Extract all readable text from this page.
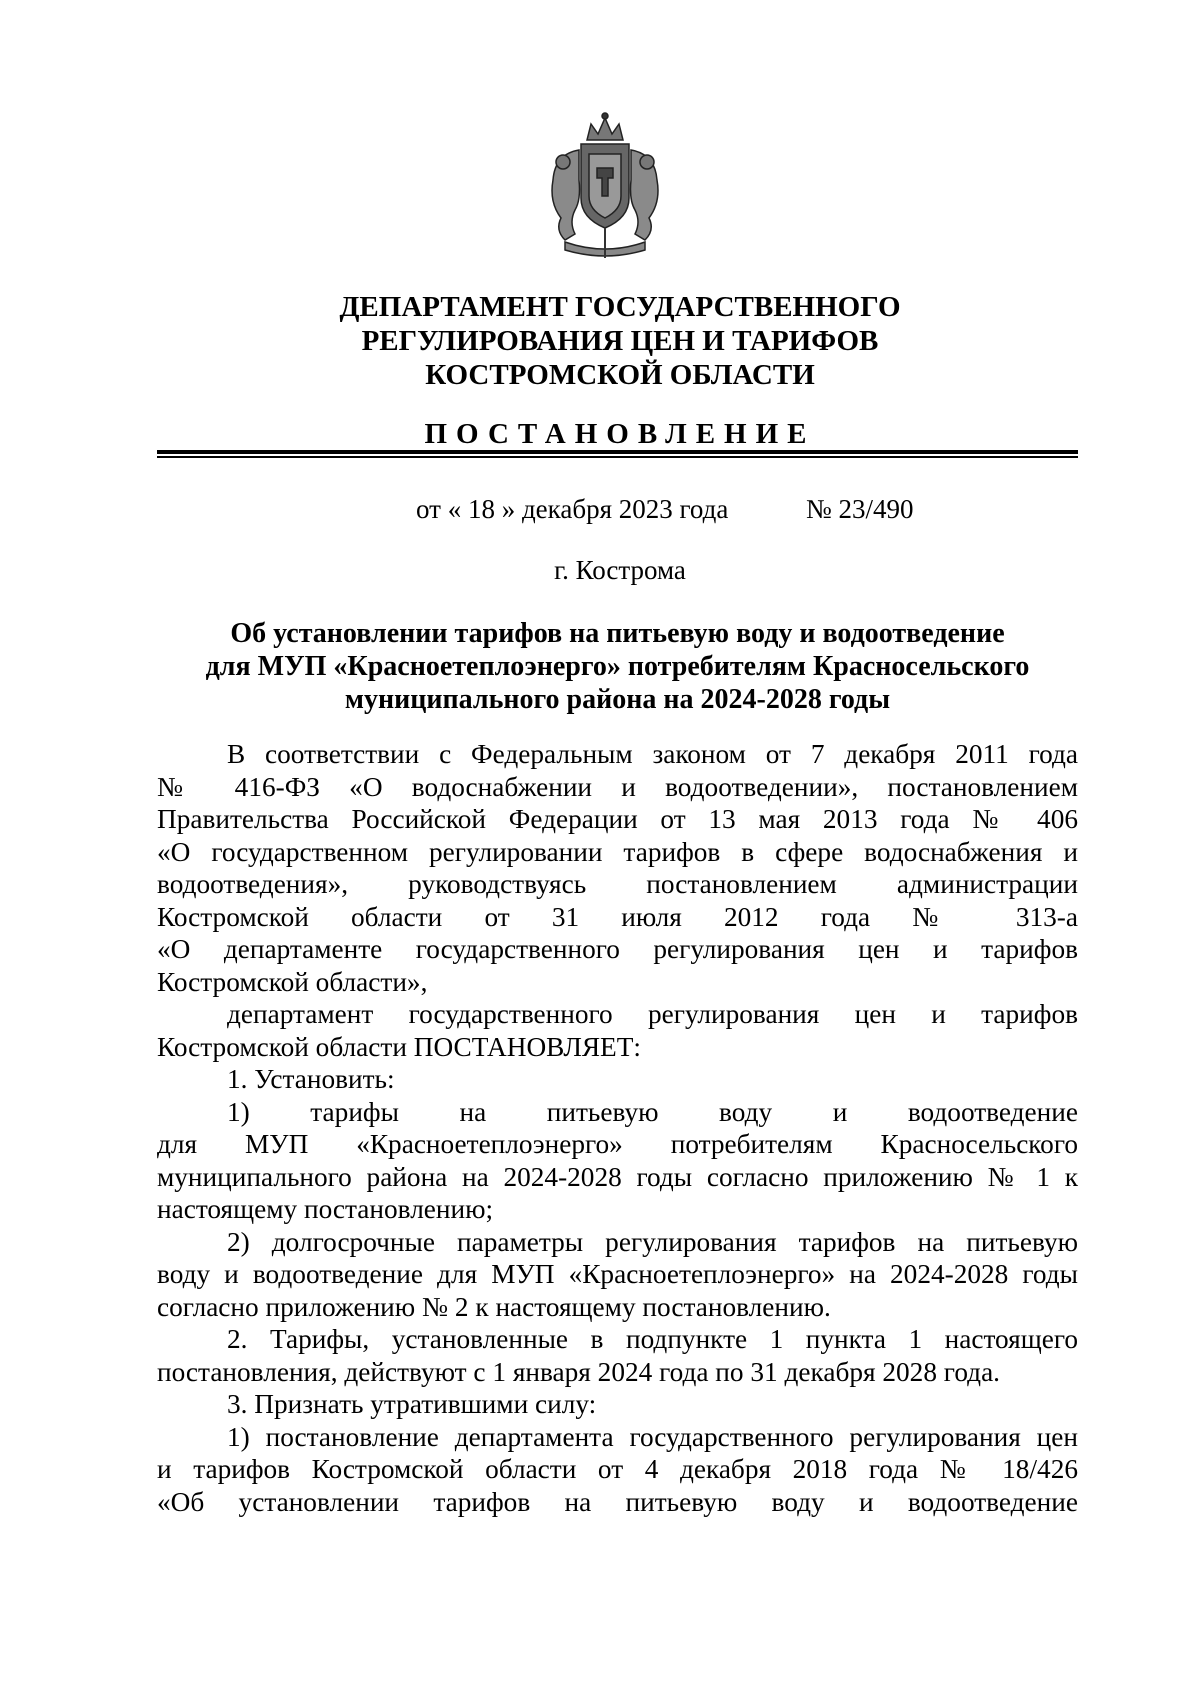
ДЕПАРТАМЕНТ ГОСУДАРСТВЕННОГО
РЕГУЛИРОВАНИЯ ЦЕН И ТАРИФОВ
КОСТРОМСКОЙ ОБЛАСТИ
ПОСТАНОВЛЕНИЕ
от « 18 » декабря 2023 года	№ 23/490
г. Кострома
Об установлении тарифов на питьевую воду и водоотведение
для МУП «Красноетеплоэнерго» потребителям Красносельского
муниципального района на 2024-2028 годы

В соответствии с Федеральным законом от 7 декабря 2011 года
№ 416-ФЗ «О водоснабжении и водоотведении», постановлением
Правительства Российской Федерации от 13 мая 2013 года № 406
«О государственном регулировании тарифов в сфере водоснабжения и
водоотведения», руководствуясь постановлением администрации
Костромской области от 31 июля 2012 года № 313-а
«О департаменте государственного регулирования цен и тарифов
Костромской области»,

департамент государственного регулирования цен и тарифов
Костромской области ПОСТАНОВЛЯЕТ:

1. Установить:

1) тарифы на питьевую воду и водоотведение
для МУП «Красноетеплоэнерго» потребителям Красносельского
муниципального района на 2024-2028 годы согласно приложению № 1 к
настоящему постановлению;

2) долгосрочные параметры регулирования тарифов на питьевую
воду и водоотведение для МУП «Красноетеплоэнерго» на 2024-2028 годы
согласно приложению № 2 к настоящему постановлению.

2. Тарифы, установленные в подпункте 1 пункта 1 настоящего
постановления, действуют с 1 января 2024 года по 31 декабря 2028 года.

3. Признать утратившими силу:

1) постановление департамента государственного регулирования цен
и тарифов Костромской области от 4 декабря 2018 года № 18/426
«Об установлении тарифов на питьевую воду и водоотведение
